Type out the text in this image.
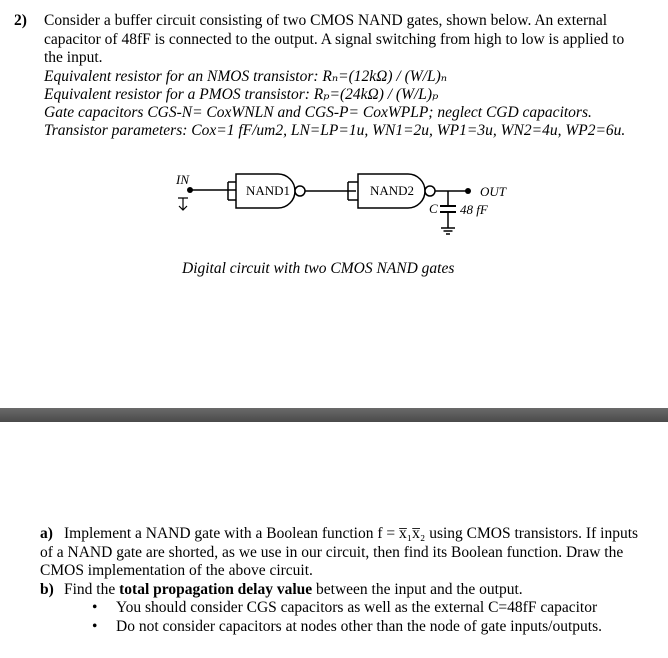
2) Consider a buffer circuit consisting of two CMOS NAND gates, shown below. An external capacitor of 48fF is connected to the output. A signal switching from high to low is applied to the input.
Equivalent resistor for an NMOS transistor: Rₙ=(12kΩ) / (W/L)ₙ
Equivalent resistor for a PMOS transistor: Rₚ=(24kΩ) / (W/L)ₚ
Gate capacitors CGS-N= CoxWNLN and CGS-P= CoxWPLP; neglect CGD capacitors.
Transistor parameters: Cox=1 fF/um2, LN=LP=1u, WN1=2u, WP1=3u, WN2=4u, WP2=6u.
IN
NAND1	NAND2	OUT
C 48 fF
Digital circuit with two CMOS NAND gates
a) Implement a NAND gate with a Boolean function f = x̅₁x̅₂ using CMOS transistors. If inputs of a NAND gate are shorted, as we use in our circuit, then find its Boolean function. Draw the CMOS implementation of the above circuit.
b) Find the total propagation delay value between the input and the output.
• You should consider CGS capacitors as well as the external C=48fF capacitor
• Do not consider capacitors at nodes other than the node of gate inputs/outputs.
